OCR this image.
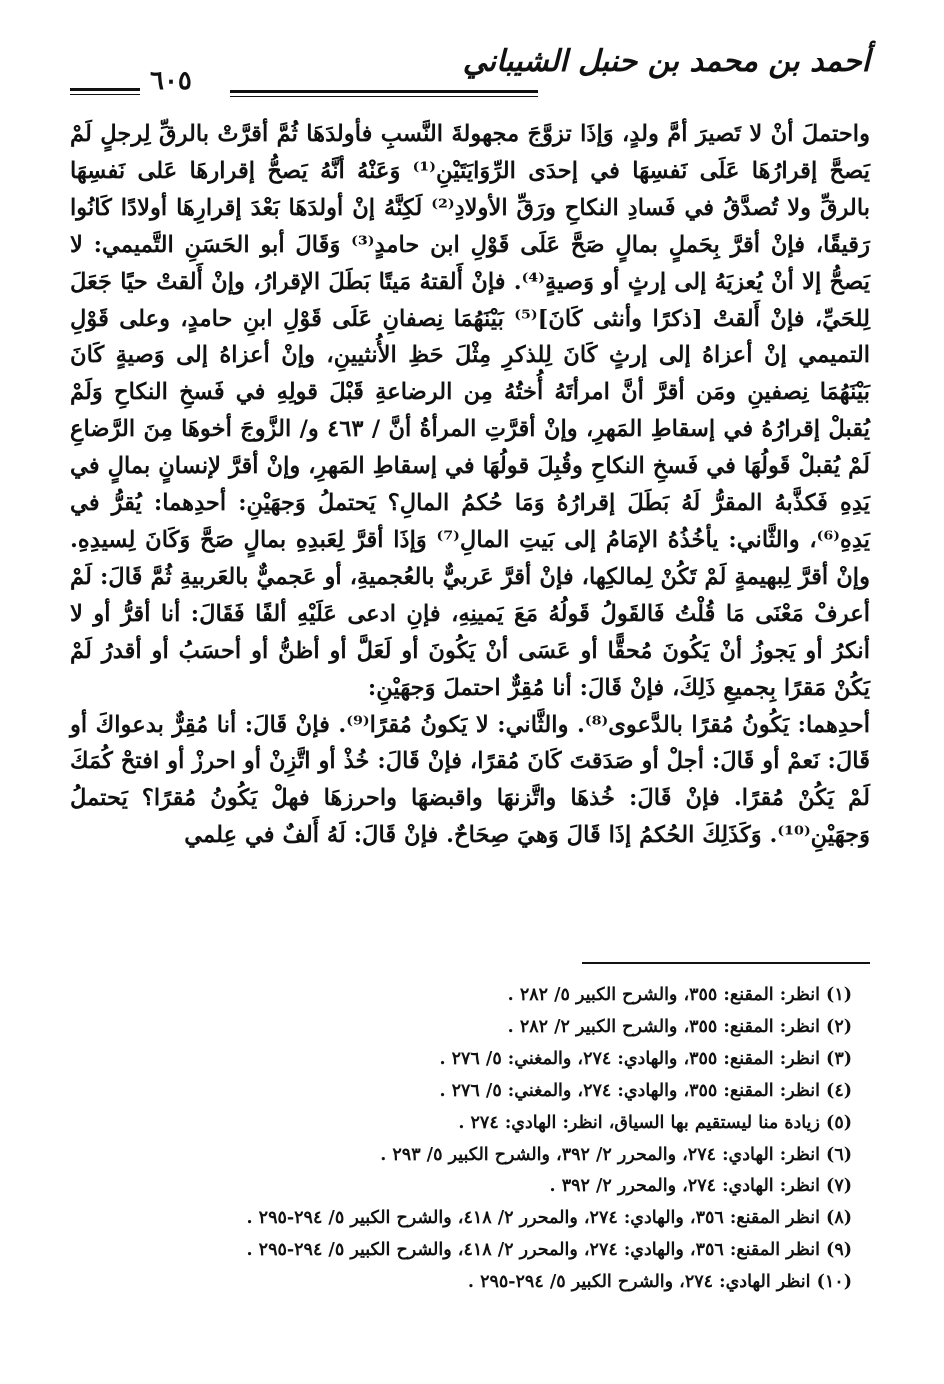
أحمد بن محمد بن حنبل الشيباني
٦٠٥

واحتملَ أنْ لا تَصيرَ أمَّ ولدٍ، وَإذَا تزوَّجَ مجهولةَ النَّسبِ فأولدَهَا ثُمَّ أقرَّتْ بالرقِّ لِرجلٍ لَمْ يَصحَّ إقرارُهَا عَلَى نَفسِهَا في إحدَى الرِّوَايَتَيْنِ⁽¹⁾ وَعَنْهُ أنَّهُ يَصحُّ إقرارهَا عَلى نَفسِهَا بالرقِّ ولا تُصدَّقُ في فَسادِ النكاحِ ورَقِّ الأولادِ⁽²⁾ لَكِنَّهُ إنْ أولدَهَا بَعْدَ إقرارِهَا أولادًا كَانُوا رَقيقًا، فإنْ أقرَّ بِحَملٍ بمالٍ صَحَّ عَلَى قَوْلِ ابن حامدٍ⁽³⁾ وَقَالَ أبو الحَسَنِ التَّميمي: لا يَصحُّ إلا أنْ يُعزيَهُ إلى إرثٍ أو وَصيةٍ⁽⁴⁾. فإنْ أَلقتهُ مَيتًا بَطَلَ الإقرارُ، وإنْ أَلقتْ حيًا جَعَلَ لِلحَيِّ، فإنْ أَلقتْ [ذكرًا وأنثى كَانَ]⁽⁵⁾ بَيْنَهُمَا نِصفانِ عَلَى قَوْلِ ابنِ حامدٍ، وعلى قَوْلِ التميمي إنْ أعزاهُ إلى إرثٍ كَانَ لِلذكرِ مِثْلَ حَظِ الأُنثيينِ، وإنْ أعزاهُ إلى وَصيةٍ كَانَ بَيْنَهُمَا نِصفينِ ومَن أقرَّ أنَّ امرأتَهُ أُختُهُ مِن الرضاعةِ قَبْلَ قولِهِ في فَسخِ النكاحِ وَلَمْ يُقبلْ إقرارُهُ في إسقاطِ المَهرِ، وإنْ أقرَّتِ المرأةُ أنَّ / ٤٦٣ و/ الزَّوجَ أخوهَا مِنَ الرَّضاعِ لَمْ يُقبلْ قَولُهَا في فَسخِ النكاحِ وقُبِلَ قولُهَا في إسقاطِ المَهرِ، وإنْ أقرَّ لإنسانٍ بمالٍ في يَدِهِ فَكذَّبهُ المقرُّ لَهُ بَطَلَ إقرارُهُ وَمَا حُكمُ المالِ؟ يَحتملُ وَجهَيْنِ: أحدِهما: يُقرُّ في يَدِهِ⁽⁶⁾، والثَّاني: يأخُذُهُ الإمَامُ إلى بَيتِ المالِ⁽⁷⁾ وَإذَا أقرَّ لِعَبدِهِ بمالٍ صَحَّ وَكَانَ لِسيدِهِ. وإنْ أقرَّ لِبهيمةٍ لَمْ تَكُنْ لِمالكِها، فإنْ أقرَّ عَربيٌّ بالعُجميةِ، أو عَجميٌّ بالعَربيةِ ثُمَّ قَالَ: لَمْ أعرفْ مَعْنَى مَا قُلْتُ فَالقَولُ قَولُهُ مَعَ يَمينِهِ، فإنِ ادعى عَلَيْهِ ألفًا فَقَالَ: أنا أقرُّ أو لا أنكرُ أو يَجوزُ أنْ يَكُونَ مُحقًّا أو عَسَى أنْ يَكُونَ أو لَعَلَّ أو أظنُّ أو أحسَبُ أو أقدرُ لَمْ يَكُنْ مَقرًا بِجميعِ ذَلِكَ، فإنْ قَالَ: أنا مُقِرٌّ احتملَ وَجهَيْنِ:

أحدِهما: يَكُونُ مُقرًا بالدَّعوى⁽⁸⁾. والثَّاني: لا يَكونُ مُقرًا⁽⁹⁾. فإنْ قَالَ: أنا مُقِرٌّ بدعواكَ أو قَالَ: نَعمْ أو قَالَ: أجلْ أو صَدَقتَ كَانَ مُقرًا، فإنْ قَالَ: خُذْ أو اتَّزِنْ أو احرزْ أو افتحْ كُمَكَ لَمْ يَكُنْ مُقرًا. فإنْ قَالَ: خُذهَا واتَّزنهَا واقبضهَا واحرزهَا فهلْ يَكُونُ مُقرًا؟ يَحتملُ وَجهَيْنِ⁽¹⁰⁾. وَكَذَلِكَ الحُكمُ إذَا قَالَ وَهيَ صِحَاحٌ. فإنْ قَالَ: لَهُ أَلفٌ في عِلمي

(١) انظر: المقنع: ٣٥٥، والشرح الكبير ٥/ ٢٨٢ .

(٢) انظر: المقنع: ٣٥٥، والشرح الكبير ٢/ ٢٨٢ .

(٣) انظر: المقنع: ٣٥٥، والهادي: ٢٧٤، والمغني: ٥/ ٢٧٦ .

(٤) انظر: المقنع: ٣٥٥، والهادي: ٢٧٤، والمغني: ٥/ ٢٧٦ .

(٥) زيادة منا ليستقيم بها السياق، انظر: الهادي: ٢٧٤ .

(٦) انظر: الهادي: ٢٧٤، والمحرر ٢/ ٣٩٢، والشرح الكبير ٥/ ٢٩٣ .

(٧) انظر: الهادي: ٢٧٤، والمحرر ٢/ ٣٩٢ .

(٨) انظر المقنع: ٣٥٦، والهادي: ٢٧٤، والمحرر ٢/ ٤١٨، والشرح الكبير ٥/ ٢٩٤-٢٩٥ .

(٩) انظر المقنع: ٣٥٦، والهادي: ٢٧٤، والمحرر ٢/ ٤١٨، والشرح الكبير ٥/ ٢٩٤-٢٩٥ .

(١٠) انظر الهادي: ٢٧٤، والشرح الكبير ٥/ ٢٩٤-٢٩٥ .
